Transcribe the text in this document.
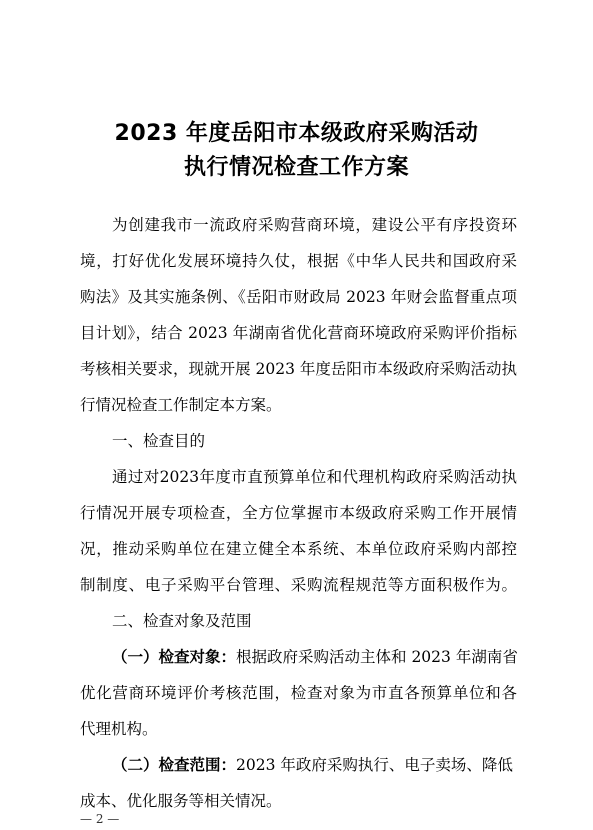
2023 年度岳阳市本级政府采购活动
执行情况检查工作方案
为创建我市一流政府采购营商环境，建设公平有序投资环
境，打好优化发展环境持久仗，根据《中华人民共和国政府采
购法》及其实施条例、《岳阳市财政局 2023 年财会监督重点项
目计划》，结合 2023 年湖南省优化营商环境政府采购评价指标
考核相关要求，现就开展 2023 年度岳阳市本级政府采购活动执
行情况检查工作制定本方案。
一、检查目的
通过对2023年度市直预算单位和代理机构政府采购活动执
行情况开展专项检查，全方位掌握市本级政府采购工作开展情
况，推动采购单位在建立健全本系统、本单位政府采购内部控
制制度、电子采购平台管理、采购流程规范等方面积极作为。
二、检查对象及范围
（一）检查对象：根据政府采购活动主体和 2023 年湖南省
优化营商环境评价考核范围，检查对象为市直各预算单位和各
代理机构。
（二）检查范围：2023 年政府采购执行、电子卖场、降低
成本、优化服务等相关情况。
— 2 —
